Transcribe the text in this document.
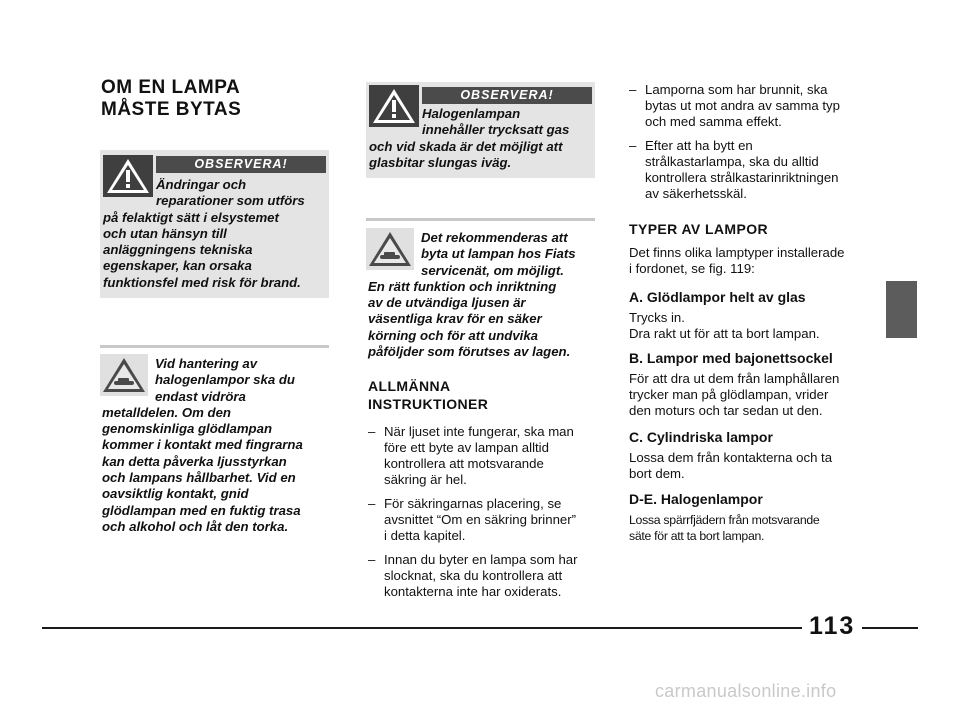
OM EN LAMPA
MÅSTE BYTAS
OBSERVERA!
Ändringar och
reparationer som utförs
på felaktigt sätt i elsystemet
och utan hänsyn till
anläggningens tekniska
egenskaper, kan orsaka
funktionsfel med risk för brand.
Vid hantering av
halogenlampor ska du
endast vidröra
metalldelen. Om den
genomskinliga glödlampan
kommer i kontakt med fingrarna
kan detta påverka ljusstyrkan
och lampans hållbarhet. Vid en
oavsiktlig kontakt, gnid
glödlampan med en fuktig trasa
och alkohol och låt den torka.
OBSERVERA!
Halogenlampan
innehåller trycksatt gas
och vid skada är det möjligt att
glasbitar slungas iväg.
Det rekommenderas att
byta ut lampan hos Fiats
servicenät, om möjligt.
En rätt funktion och inriktning
av de utvändiga ljusen är
väsentliga krav för en säker
körning och för att undvika
påföljder som förutses av lagen.
ALLMÄNNA
INSTRUKTIONER
– När ljuset inte fungerar, ska man
före ett byte av lampan alltid
kontrollera att motsvarande
säkring är hel.
– För säkringarnas placering, se
avsnittet “Om en säkring brinner”
i detta kapitel.
– Innan du byter en lampa som har
slocknat, ska du kontrollera att
kontakterna inte har oxiderats.
– Lamporna som har brunnit, ska
bytas ut mot andra av samma typ
och med samma effekt.
– Efter att ha bytt en
strålkastarlampa, ska du alltid
kontrollera strålkastarinriktningen
av säkerhetsskäl.
TYPER AV LAMPOR
Det finns olika lamptyper installerade
i fordonet, se fig. 119:
A. Glödlampor helt av glas
Trycks in.
Dra rakt ut för att ta bort lampan.
B. Lampor med bajonettsockel
För att dra ut dem från lamphållaren
trycker man på glödlampan, vrider
den moturs och tar sedan ut den.
C. Cylindriska lampor
Lossa dem från kontakterna och ta
bort dem.
D-E. Halogenlampor
Lossa spärrfjädern från motsvarande
säte för att ta bort lampan.
113
carmanualsonline.info
